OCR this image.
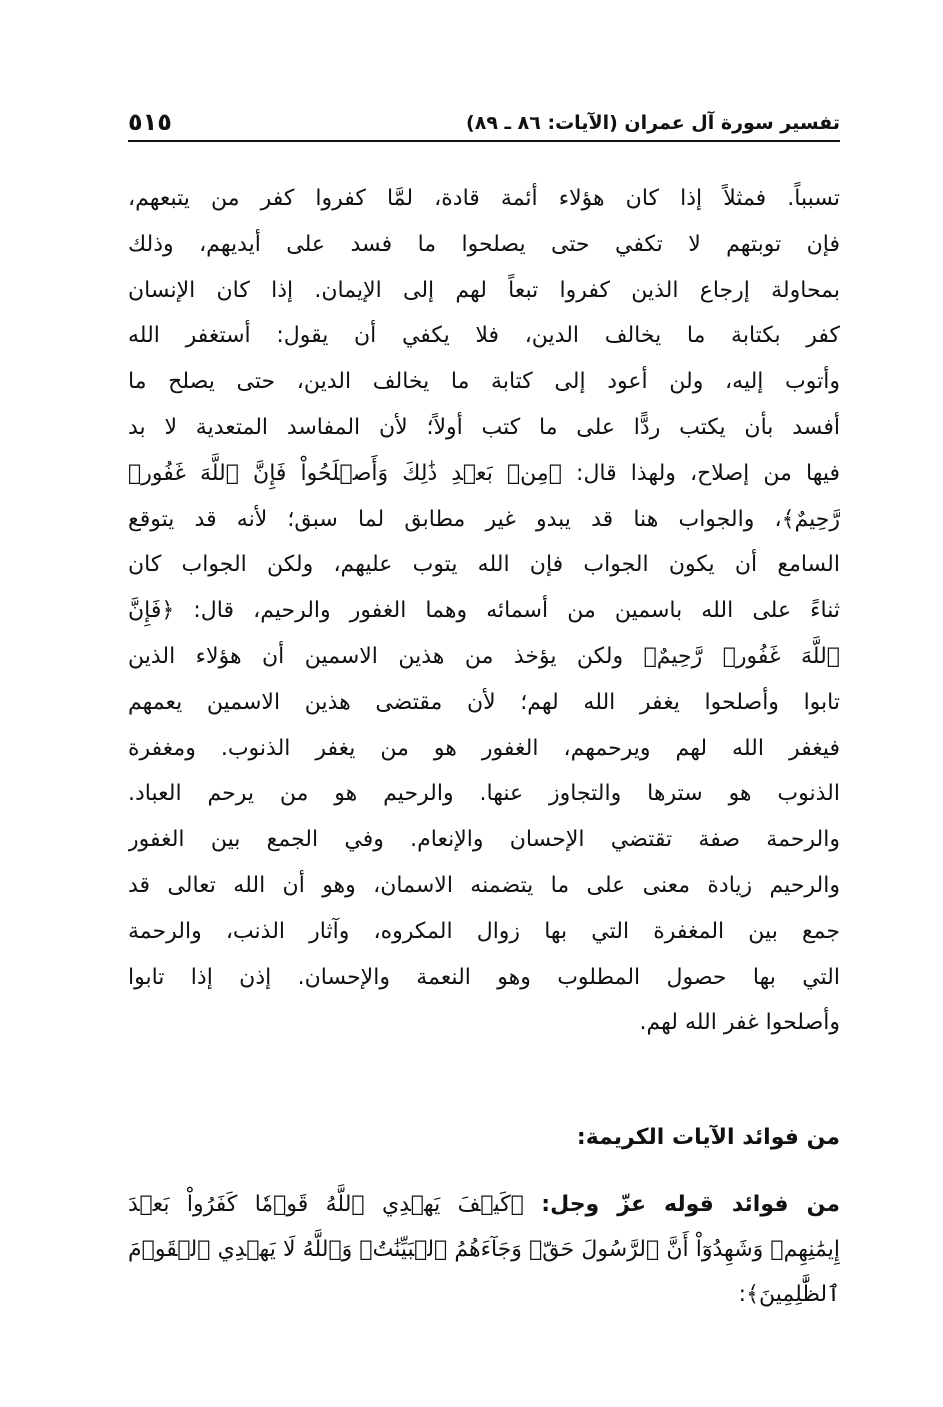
تفسير سورة آل عمران (الآيات: ٨٦ ـ ٨٩)
٥١٥
تسبباً. فمثلاً إذا كان هؤلاء أئمة قادة، لمَّا كفروا كفر من يتبعهم،
فإن توبتهم لا تكفي حتى يصلحوا ما فسد على أيديهم، وذلك
بمحاولة إرجاع الذين كفروا تبعاً لهم إلى الإيمان. إذا كان الإنسان
كفر بكتابة ما يخالف الدين، فلا يكفي أن يقول: أستغفر الله
وأتوب إليه، ولن أعود إلى كتابة ما يخالف الدين، حتى يصلح ما
أفسد بأن يكتب ردًّا على ما كتب أولاً؛ لأن المفاسد المتعدية لا بد
فيها من إصلاح، ولهذا قال: ﴿مِنۢ بَعۡدِ ذَٰلِكَ وَأَصۡلَحُواْ فَإِنَّ ٱللَّهَ غَفُورٞ
رَّحِيمٌ﴾، والجواب هنا قد يبدو غير مطابق لما سبق؛ لأنه قد يتوقع
السامع أن يكون الجواب فإن الله يتوب عليهم، ولكن الجواب كان
ثناءً على الله باسمين من أسمائه وهما الغفور والرحيم، قال: ﴿فَإِنَّ
ٱللَّهَ غَفُورٞ رَّحِيمٌ﴾ ولكن يؤخذ من هذين الاسمين أن هؤلاء الذين
تابوا وأصلحوا يغفر الله لهم؛ لأن مقتضى هذين الاسمين يعمهم
فيغفر الله لهم ويرحمهم، الغفور هو من يغفر الذنوب. ومغفرة
الذنوب هو سترها والتجاوز عنها. والرحيم هو من يرحم العباد.
والرحمة صفة تقتضي الإحسان والإنعام. وفي الجمع بين الغفور
والرحيم زيادة معنى على ما يتضمنه الاسمان، وهو أن الله تعالى قد
جمع بين المغفرة التي بها زوال المكروه، وآثار الذنب، والرحمة
التي بها حصول المطلوب وهو النعمة والإحسان. إذن إذا تابوا
وأصلحوا غفر الله لهم.
من فوائد الآيات الكريمة:
من فوائد قوله عزّ وجل: ﴿كَيۡفَ يَهۡدِي ٱللَّهُ قَوۡمٗا كَفَرُواْ بَعۡدَ
إِيمَٰنِهِمۡ وَشَهِدُوٓاْ أَنَّ ٱلرَّسُولَ حَقّٞ وَجَآءَهُمُ ٱلۡبَيِّنَٰتُۚ وَٱللَّهُ لَا يَهۡدِي ٱلۡقَوۡمَ
ٱلظَّٰلِمِينَ﴾:
